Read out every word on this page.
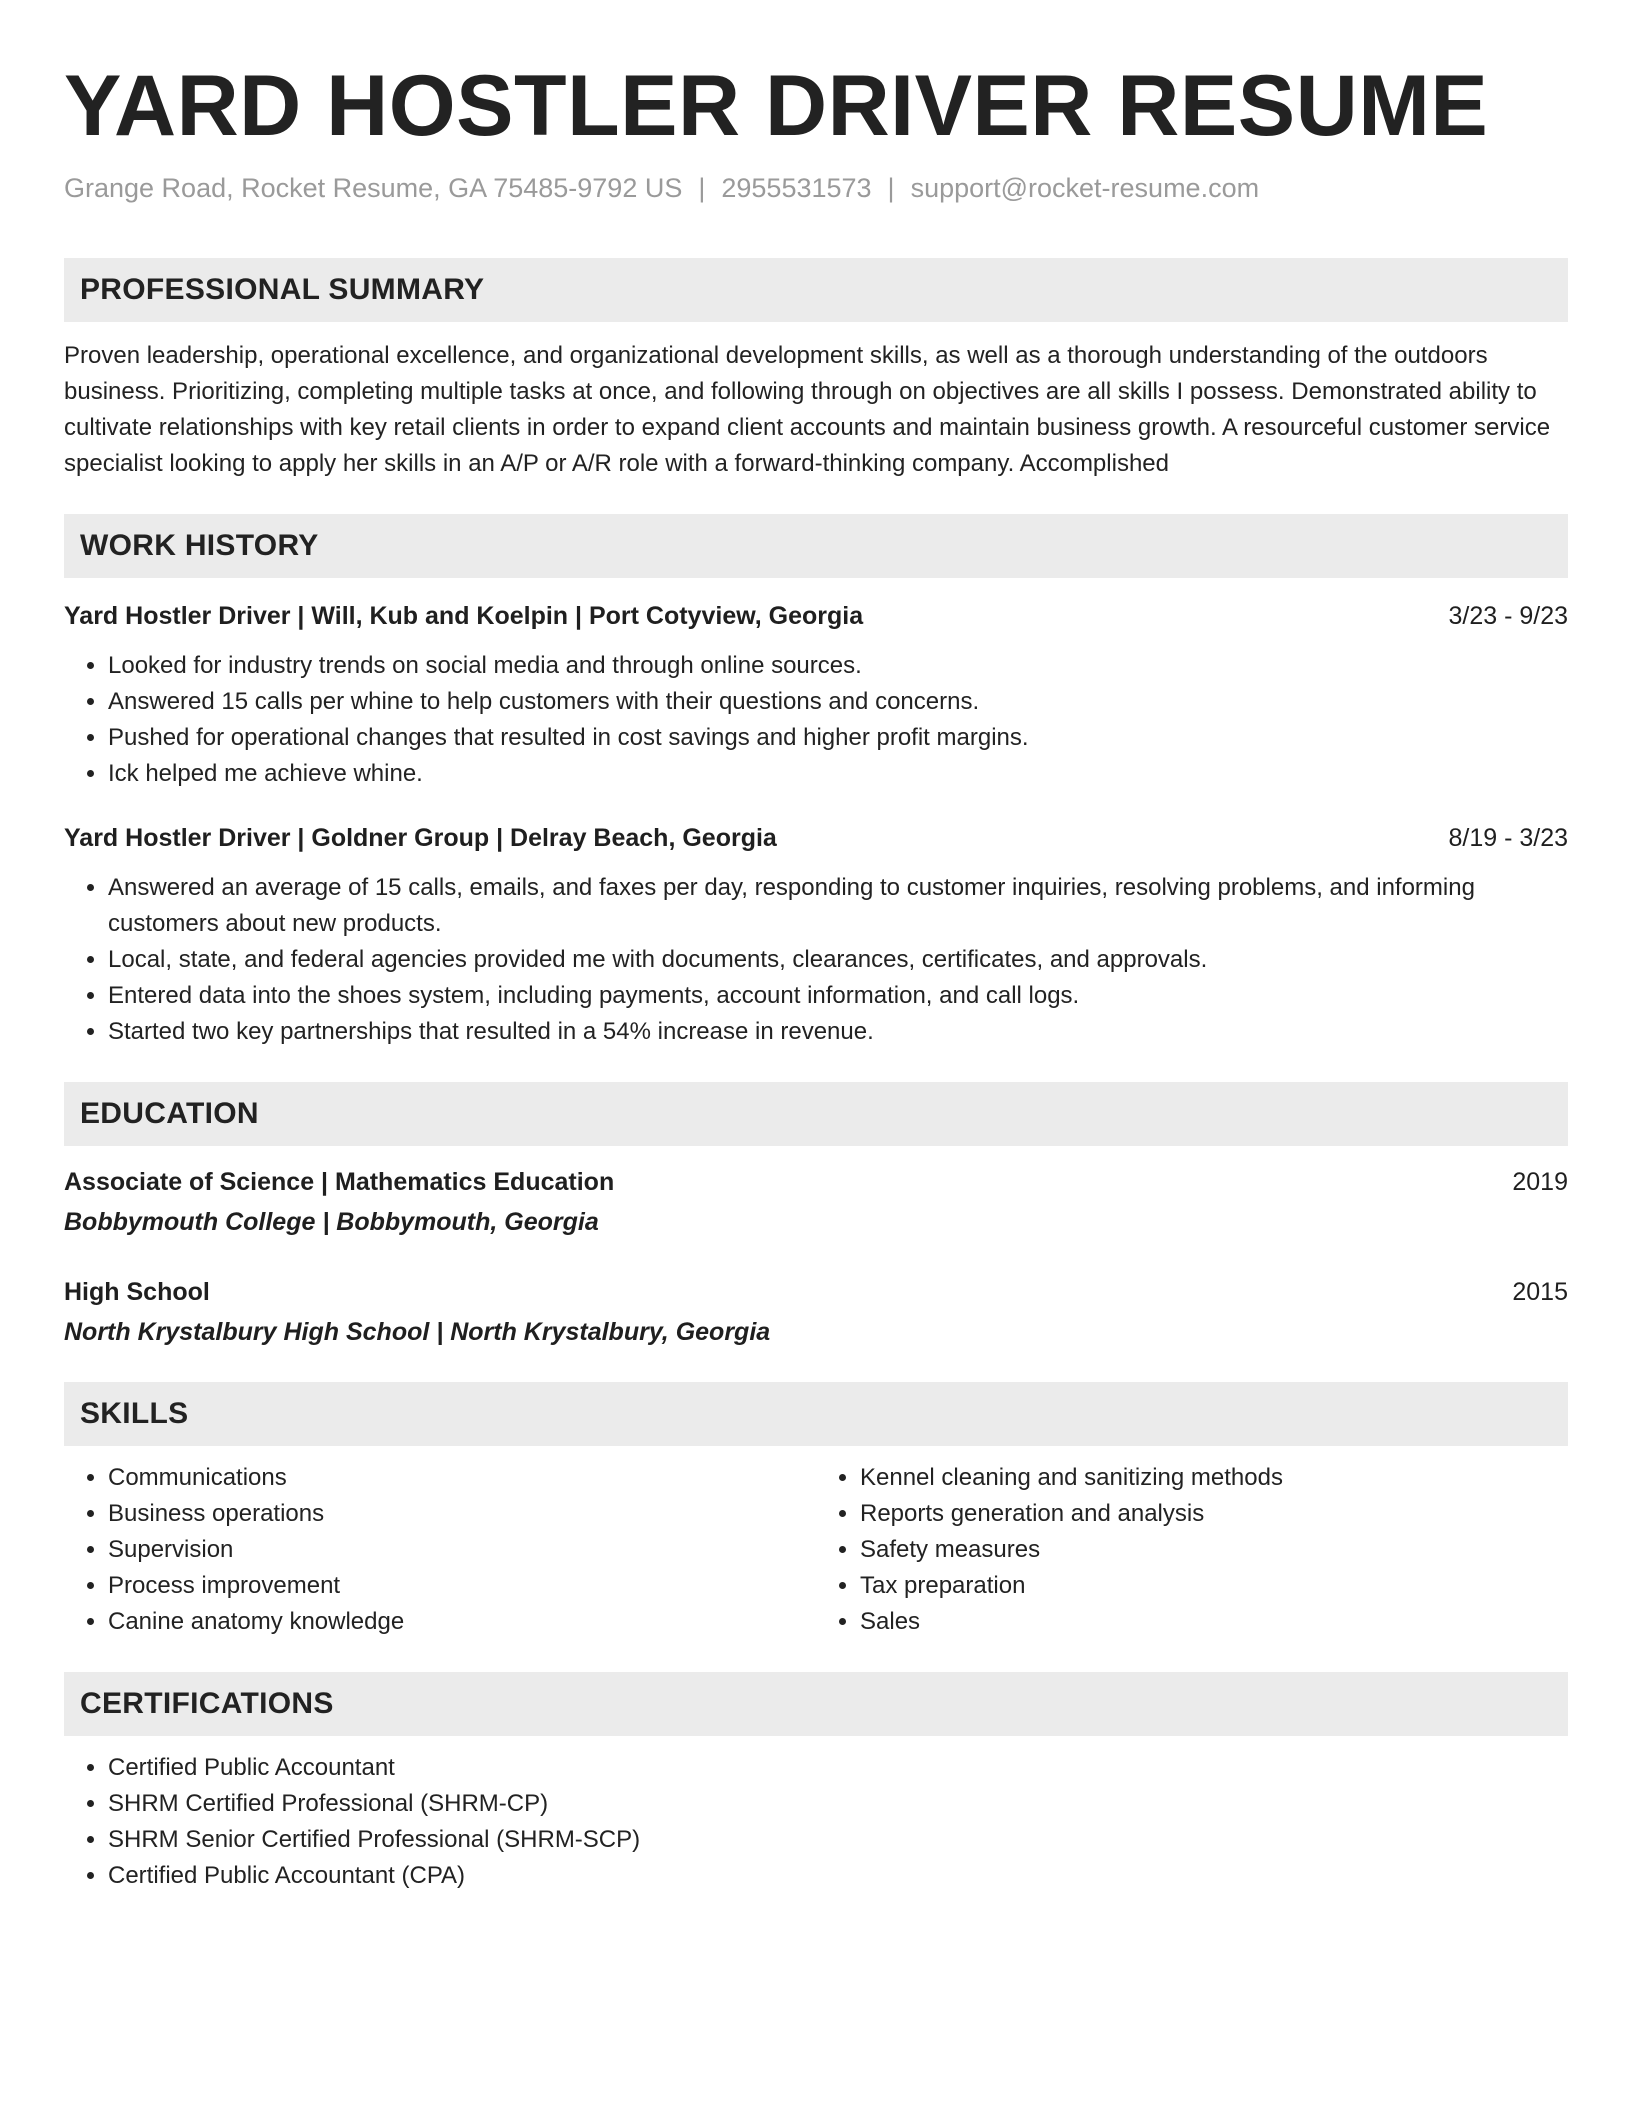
YARD HOSTLER DRIVER RESUME
Grange Road, Rocket Resume, GA 75485-9792 US | 2955531573 | support@rocket-resume.com
PROFESSIONAL SUMMARY
Proven leadership, operational excellence, and organizational development skills, as well as a thorough understanding of the outdoors business. Prioritizing, completing multiple tasks at once, and following through on objectives are all skills I possess. Demonstrated ability to cultivate relationships with key retail clients in order to expand client accounts and maintain business growth. A resourceful customer service specialist looking to apply her skills in an A/P or A/R role with a forward-thinking company. Accomplished
WORK HISTORY
Yard Hostler Driver | Will, Kub and Koelpin | Port Cotyview, Georgia	3/23 - 9/23
• Looked for industry trends on social media and through online sources.
• Answered 15 calls per whine to help customers with their questions and concerns.
• Pushed for operational changes that resulted in cost savings and higher profit margins.
• Ick helped me achieve whine.
Yard Hostler Driver | Goldner Group | Delray Beach, Georgia	8/19 - 3/23
• Answered an average of 15 calls, emails, and faxes per day, responding to customer inquiries, resolving problems, and informing customers about new products.
• Local, state, and federal agencies provided me with documents, clearances, certificates, and approvals.
• Entered data into the shoes system, including payments, account information, and call logs.
• Started two key partnerships that resulted in a 54% increase in revenue.
EDUCATION
Associate of Science | Mathematics Education	2019
Bobbymouth College | Bobbymouth, Georgia
High School	2015
North Krystalbury High School | North Krystalbury, Georgia
SKILLS
• Communications
• Business operations
• Supervision
• Process improvement
• Canine anatomy knowledge
• Kennel cleaning and sanitizing methods
• Reports generation and analysis
• Safety measures
• Tax preparation
• Sales
CERTIFICATIONS
• Certified Public Accountant
• SHRM Certified Professional (SHRM-CP)
• SHRM Senior Certified Professional (SHRM-SCP)
• Certified Public Accountant (CPA)
